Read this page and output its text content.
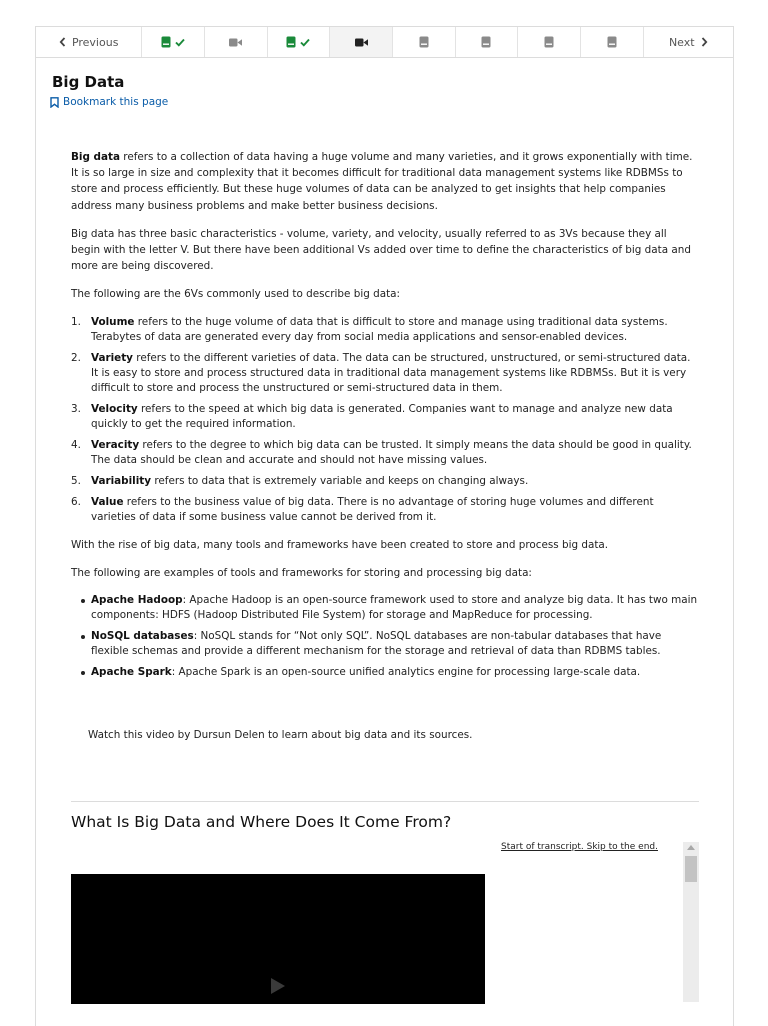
Previous	Next
Big Data
Bookmark this page

Big data refers to a collection of data having a huge volume and many varieties, and it grows exponentially with time. It is so large in size and complexity that it becomes difficult for traditional data management systems like RDBMSs to store and process efficiently. But these huge volumes of data can be analyzed to get insights that help companies address many business problems and make better business decisions.

Big data has three basic characteristics - volume, variety, and velocity, usually referred to as 3Vs because they all begin with the letter V. But there have been additional Vs added over time to define the characteristics of big data and more are being discovered.

The following are the 6Vs commonly used to describe big data:

1. Volume refers to the huge volume of data that is difficult to store and manage using traditional data systems. Terabytes of data are generated every day from social media applications and sensor-enabled devices.
2. Variety refers to the different varieties of data. The data can be structured, unstructured, or semi-structured data. It is easy to store and process structured data in traditional data management systems like RDBMSs. But it is very difficult to store and process the unstructured or semi-structured data in them.
3. Velocity refers to the speed at which big data is generated. Companies want to manage and analyze new data quickly to get the required information.
4. Veracity refers to the degree to which big data can be trusted. It simply means the data should be good in quality. The data should be clean and accurate and should not have missing values.
5. Variability refers to data that is extremely variable and keeps on changing always.
6. Value refers to the business value of big data. There is no advantage of storing huge volumes and different varieties of data if some business value cannot be derived from it.

With the rise of big data, many tools and frameworks have been created to store and process big data.

The following are examples of tools and frameworks for storing and processing big data:

Apache Hadoop: Apache Hadoop is an open-source framework used to store and analyze big data. It has two main components: HDFS (Hadoop Distributed File System) for storage and MapReduce for processing.
NoSQL databases: NoSQL stands for “Not only SQL”. NoSQL databases are non-tabular databases that have flexible schemas and provide a different mechanism for the storage and retrieval of data than RDBMS tables.
Apache Spark: Apache Spark is an open-source unified analytics engine for processing large-scale data.
Watch this video by Dursun Delen to learn about big data and its sources.
What Is Big Data and Where Does It Come From?
Start of transcript. Skip to the end.
